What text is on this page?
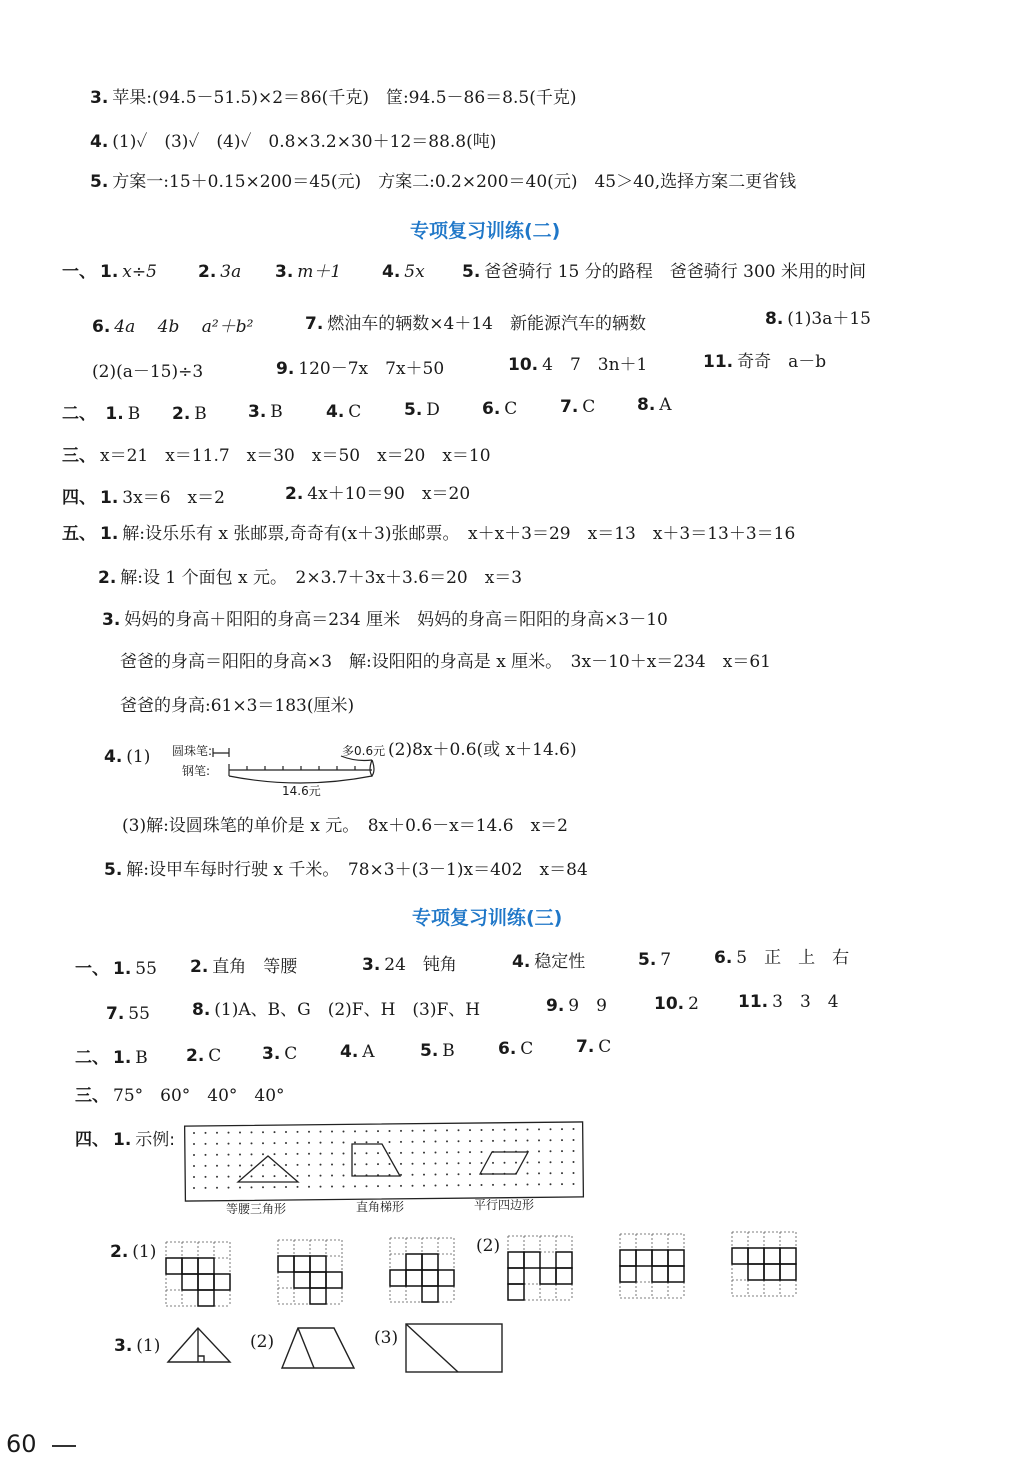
3. 苹果:(94.5－51.5)×2＝86(千克)　筐:94.5－86＝8.5(千克)
4. (1)✓　(3)✓　(4)✓　0.8×3.2×30＋12＝88.8(吨)
5. 方案一:15＋0.15×200＝45(元)　方案二:0.2×200＝40(元)　45＞40,选择方案二更省钱
专项复习训练(二)
一、 1. x÷5 2. 3a 3. m＋1 4. 5x 5. 爸爸骑行 15 分的路程　爸爸骑行 300 米用的时间
6. 4a　 4b　 a²＋b²	7. 燃油车的辆数×4＋14　新能源汽车的辆数	8. (1)3a＋15
(2)(a－15)÷3	9. 120－7x　7x＋50	10. 4　7　3n＋1	11. 奇奇　a－b
二、 1. B 2. B 3. B	4. C	5. D 6. C	7. C 8. A
三、 x＝21　x＝11.7　x＝30　x＝50　x＝20　x＝10
四、 1. 3x＝6　x＝2	2. 4x＋10＝90　x＝20
五、 1. 解:设乐乐有 x 张邮票,奇奇有(x＋3)张邮票。　x＋x＋3＝29　x＝13　x＋3＝13＋3＝16
2. 解:设 1 个面包 x 元。　2×3.7＋3x＋3.6＝20　x＝3
3. 妈妈的身高＋阳阳的身高＝234 厘米　妈妈的身高＝阳阳的身高×3－10
爸爸的身高＝阳阳的身高×3　解:设阳阳的身高是 x 厘米。　3x－10＋x＝234　x＝61
爸爸的身高:61×3＝183(厘米)
4. (1) 圆珠笔:
钢笔:
多0.6元
14.6元
(2)8x＋0.6(或 x＋14.6)
(3)解:设圆珠笔的单价是 x 元。　8x＋0.6－x＝14.6　x＝2
5. 解:设甲车每时行驶 x 千米。　78×3＋(3－1)x＝402　x＝84
专项复习训练(三)
一、 1. 55 2. 直角　等腰	3. 24　钝角	4. 稳定性	5. 7	6. 5　正　上　右
7. 55 8. (1)A、B、G　(2)F、H　(3)F、H	9. 9　9	10. 2 11. 3　3　4
二、 1. B 2. C 3. C	4. A	5. B	6. C	7. C
三、 75°　60°　40°　40°
四、 1. 示例:
等腰三角形	直角梯形	平行四边形
2. (1)	(2)
3. (1)	(2)	(3)
60
